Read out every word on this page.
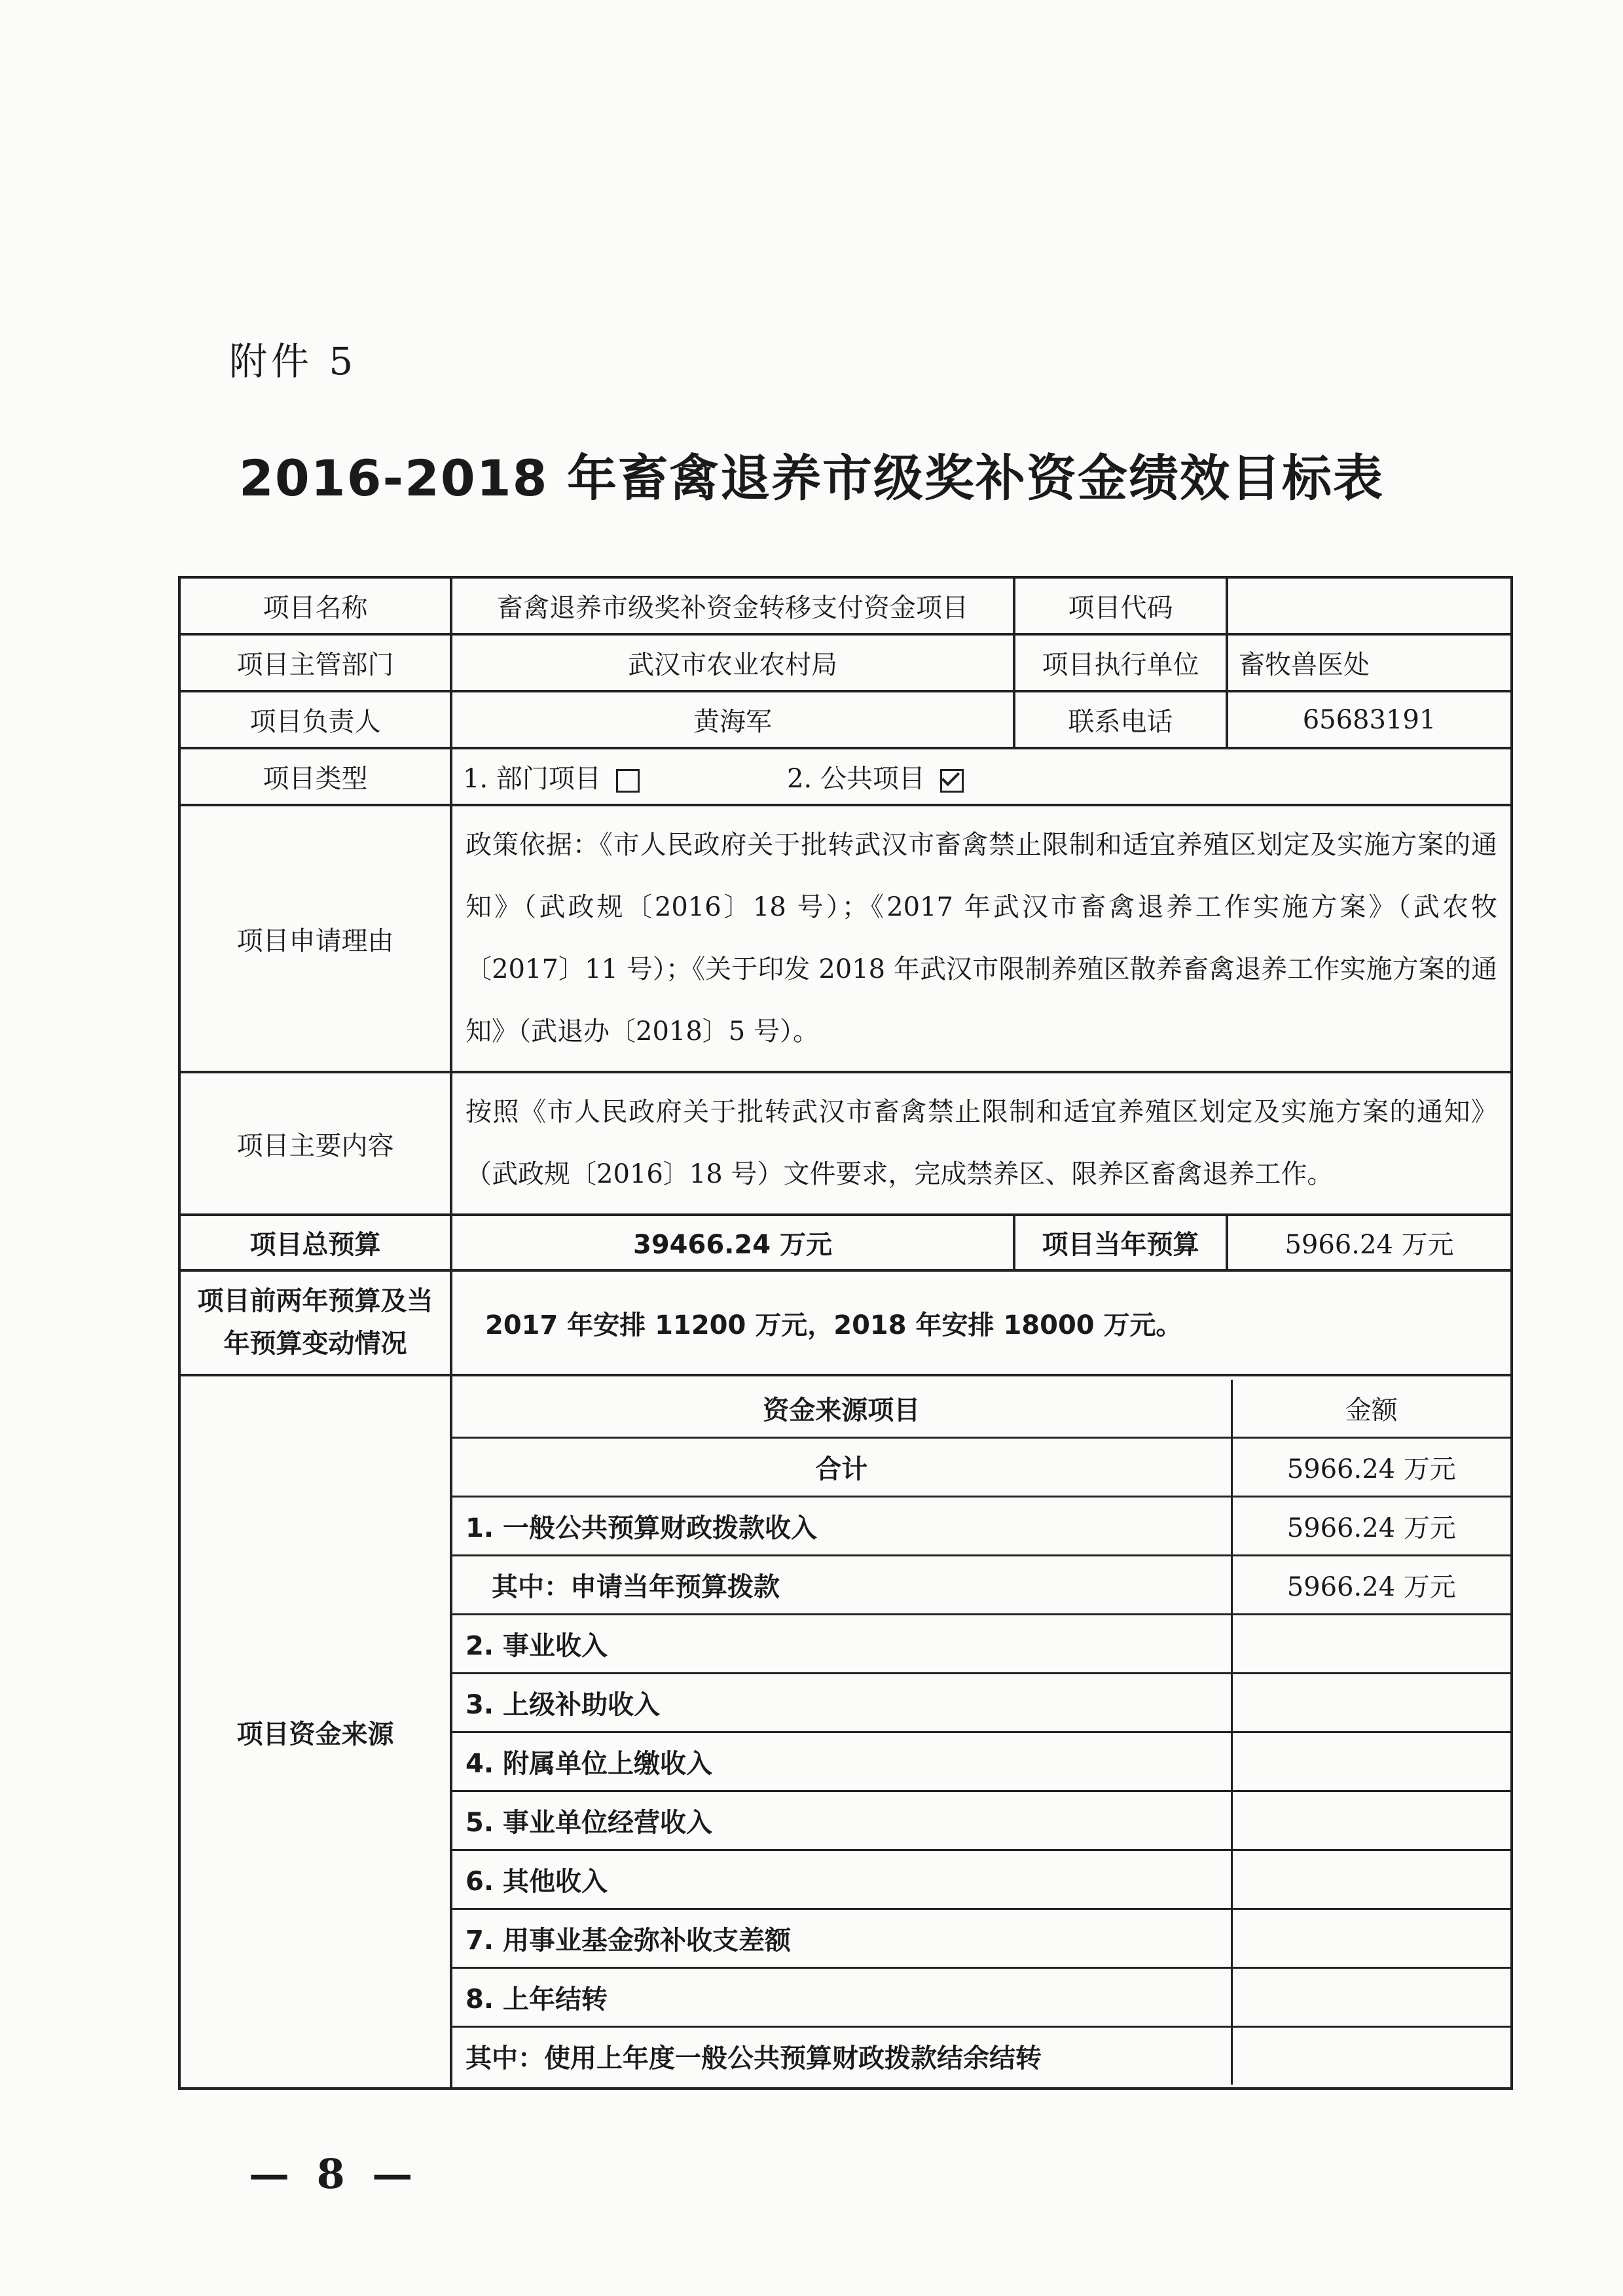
附件 5
2016-2018 年畜禽退养市级奖补资金绩效目标表
项目名称	畜禽退养市级奖补资金转移支付资金项目	项目代码	
项目主管部门	武汉市农业农村局	项目执行单位	畜牧兽医处
项目负责人	黄海军	联系电话	65683191
项目类型	1. 部门项目	2. 公共项目
项目申请理由	政策依据：《市人民政府关于批转武汉市畜禽禁止限制和适宜养殖区划定及实施方案的通知》（武政规〔2016〕18 号）；《2017 年武汉市畜禽退养工作实施方案》（武农牧〔2017〕11 号）；《关于印发 2018 年武汉市限制养殖区散养畜禽退养工作实施方案的通知》（武退办〔2018〕5 号）。
项目主要内容	按照《市人民政府关于批转武汉市畜禽禁止限制和适宜养殖区划定及实施方案的通知》（武政规〔2016〕18 号）文件要求，完成禁养区、限养区畜禽退养工作。
项目总预算	39466.24 万元	项目当年预算	5966.24 万元
项目前两年预算及当年预算变动情况	2017 年安排 11200 万元，2018 年安排 18000 万元。
项目资金来源	
资金来源项目	金额
合计	5966.24 万元
1. 一般公共预算财政拨款收入	5966.24 万元
其中：申请当年预算拨款	5966.24 万元
2. 事业收入	
3. 上级补助收入	
4. 附属单位上缴收入	
5. 事业单位经营收入	
6. 其他收入	
7. 用事业基金弥补收支差额	
8. 上年结转	
其中：使用上年度一般公共预算财政拨款结余结转	
— 8 —
